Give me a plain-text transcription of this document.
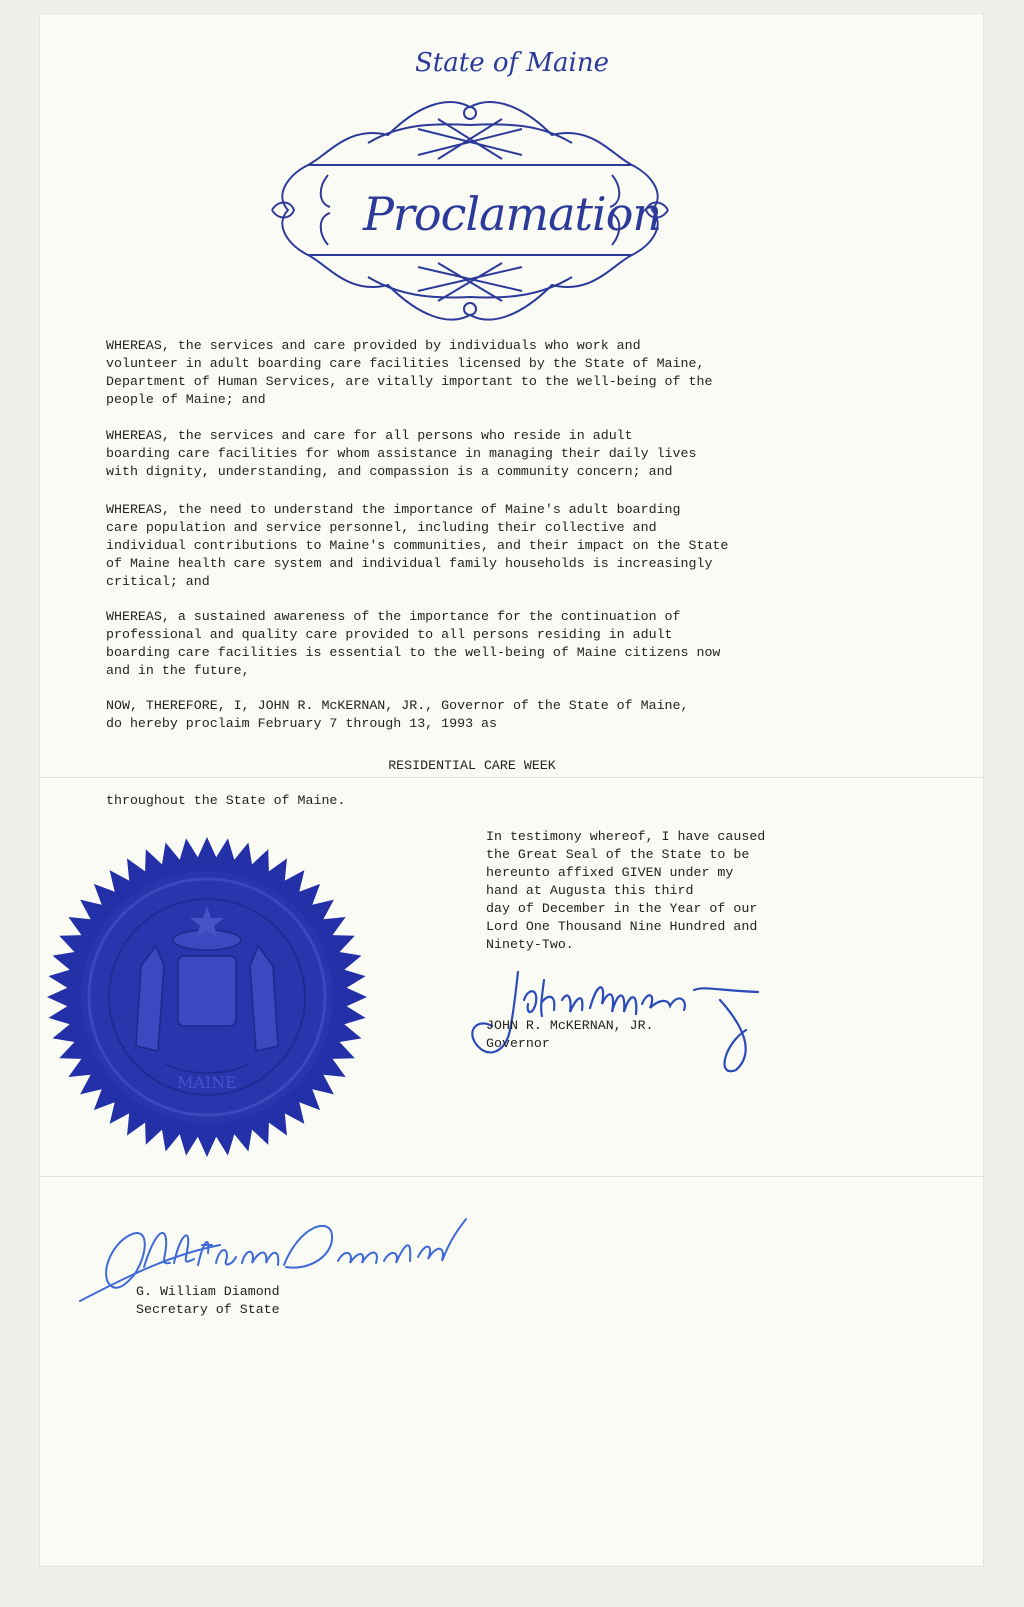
State of Maine
Proclamation
WHEREAS, the services and care provided by individuals who work and
volunteer in adult boarding care facilities licensed by the State of Maine,
Department of Human Services, are vitally important to the well-being of the
people of Maine; and
WHEREAS, the services and care for all persons who reside in adult
boarding care facilities for whom assistance in managing their daily lives
with dignity, understanding, and compassion is a community concern; and
WHEREAS, the need to understand the importance of Maine's adult boarding
care population and service personnel, including their collective and
individual contributions to Maine's communities, and their impact on the State
of Maine health care system and individual family households is increasingly
critical; and
WHEREAS, a sustained awareness of the importance for the continuation of
professional and quality care provided to all persons residing in adult
boarding care facilities is essential to the well-being of Maine citizens now
and in the future,
NOW, THEREFORE, I, JOHN R. McKERNAN, JR., Governor of the State of Maine,
do hereby proclaim February 7 through 13, 1993 as
RESIDENTIAL CARE WEEK
throughout the State of Maine.
In testimony whereof, I have caused
the Great Seal of the State to be
hereunto affixed GIVEN under my
hand at Augusta this third
day of December in the Year of our
Lord One Thousand Nine Hundred and
Ninety-Two.
MAINE
JOHN R. McKERNAN, JR.
Governor
G. William Diamond
Secretary of State
